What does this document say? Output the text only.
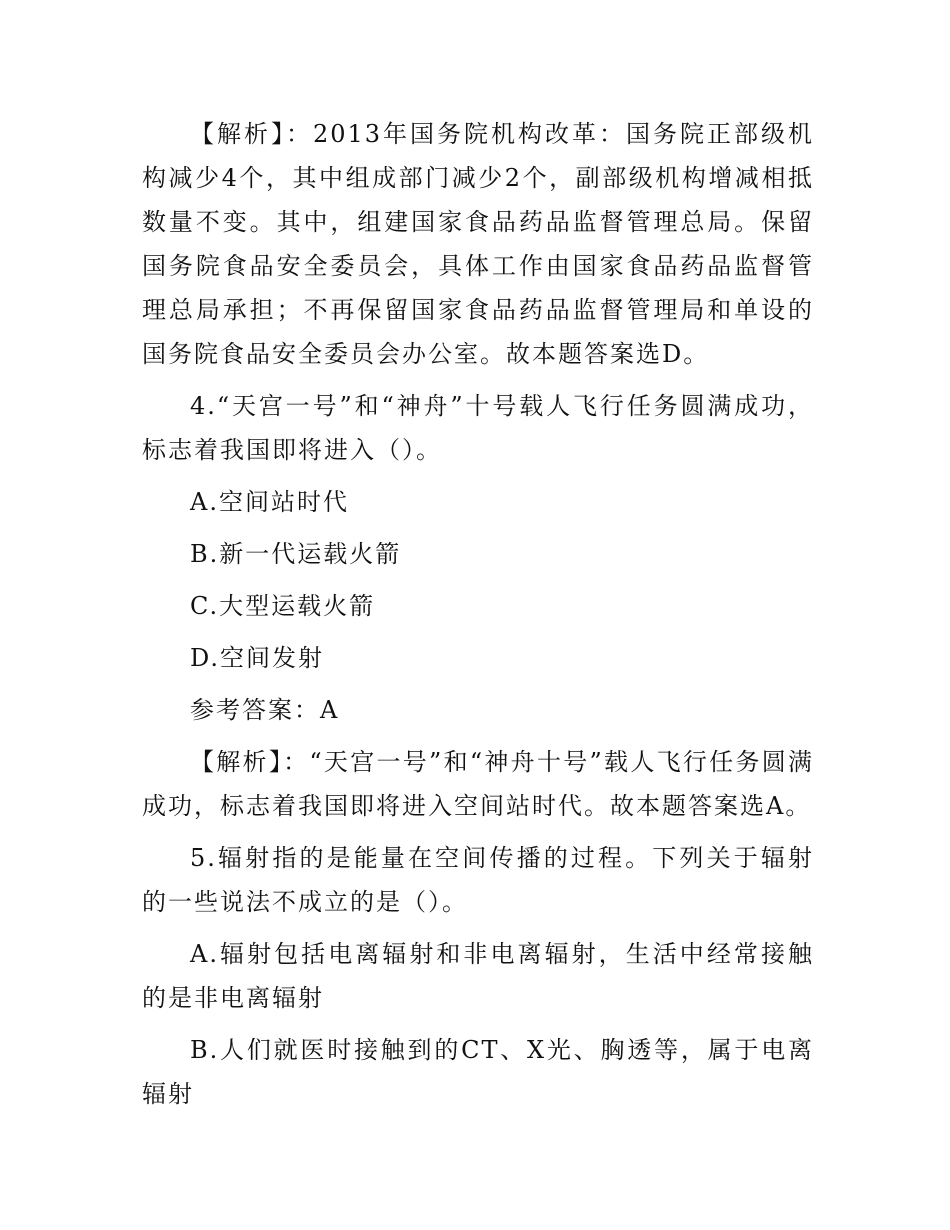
【解析】：2013年国务院机构改革：国务院正部级机构减少4个，其中组成部门减少2个，副部级机构增减相抵数量不变。其中，组建国家食品药品监督管理总局。保留国务院食品安全委员会，具体工作由国家食品药品监督管理总局承担；不再保留国家食品药品监督管理局和单设的国务院食品安全委员会办公室。故本题答案选D。

4.“天宫一号”和“神舟”十号载人飞行任务圆满成功，标志着我国即将进入（）。

A.空间站时代

B.新一代运载火箭

C.大型运载火箭

D.空间发射

参考答案：A

【解析】：“天宫一号”和“神舟十号”载人飞行任务圆满成功，标志着我国即将进入空间站时代。故本题答案选A。

5.辐射指的是能量在空间传播的过程。下列关于辐射的一些说法不成立的是（）。

A.辐射包括电离辐射和非电离辐射，生活中经常接触的是非电离辐射

B.人们就医时接触到的CT、X光、胸透等，属于电离辐射
